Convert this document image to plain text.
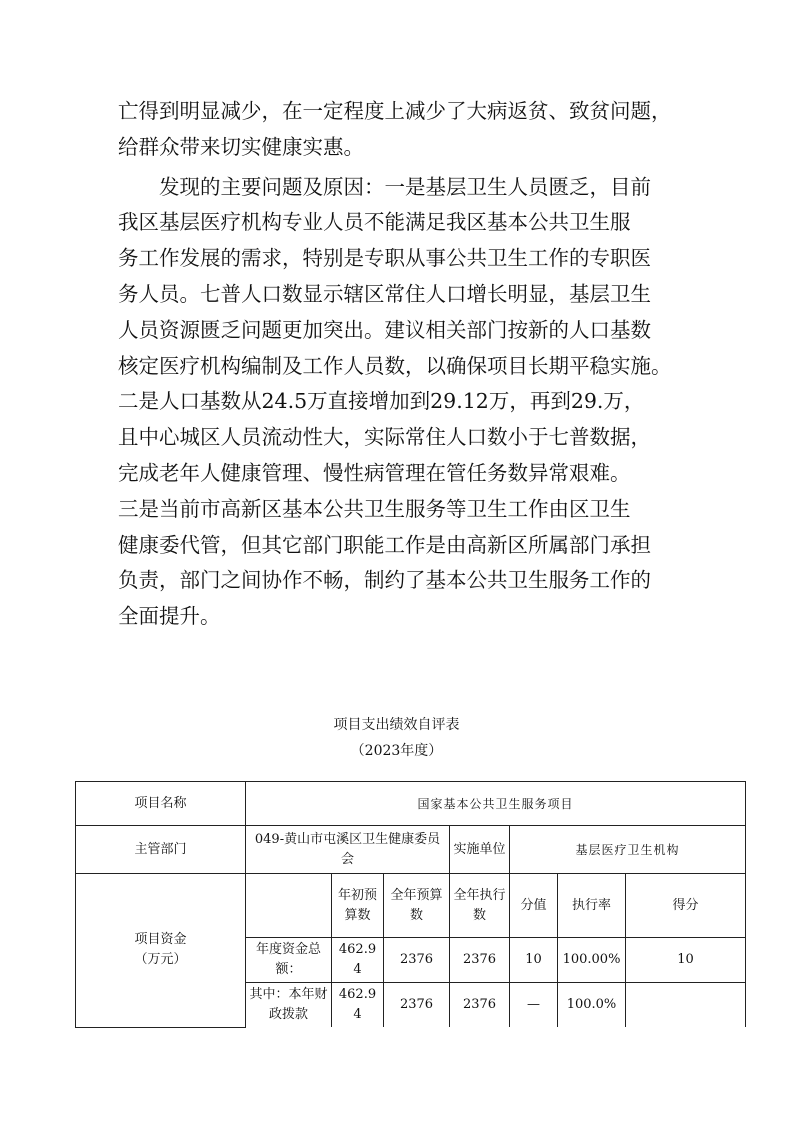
亡得到明显减少，在一定程度上减少了大病返贫、致贫问题，

给群众带来切实健康实惠。

　　发现的主要问题及原因：一是基层卫生人员匮乏，目前

我区基层医疗机构专业人员不能满足我区基本公共卫生服

务工作发展的需求，特别是专职从事公共卫生工作的专职医

务人员。七普人口数显示辖区常住人口增长明显，基层卫生

人员资源匮乏问题更加突出。建议相关部门按新的人口基数

核定医疗机构编制及工作人员数，以确保项目长期平稳实施。

二是人口基数从24.5万直接增加到29.12万，再到29.万，

且中心城区人员流动性大，实际常住人口数小于七普数据，

完成老年人健康管理、慢性病管理在管任务数异常艰难。

三是当前市高新区基本公共卫生服务等卫生工作由区卫生

健康委代管，但其它部门职能工作是由高新区所属部门承担

负责，部门之间协作不畅，制约了基本公共卫生服务工作的

全面提升。

项目支出绩效自评表
（2023年度）
项目名称	国家基本公共卫生服务项目						
主管部门	049-黄山市屯溪区卫生健康委员会			实施单位	基层医疗卫生机构		
项目资金（万元）		年初预算数	全年预算数	全年执行数	分值	执行率	得分
	年度资金总额：	462.94	2376	2376	10	100.00%	10
	其中：本年财政拨款	462.94	2376	2376	—	100.0%	
